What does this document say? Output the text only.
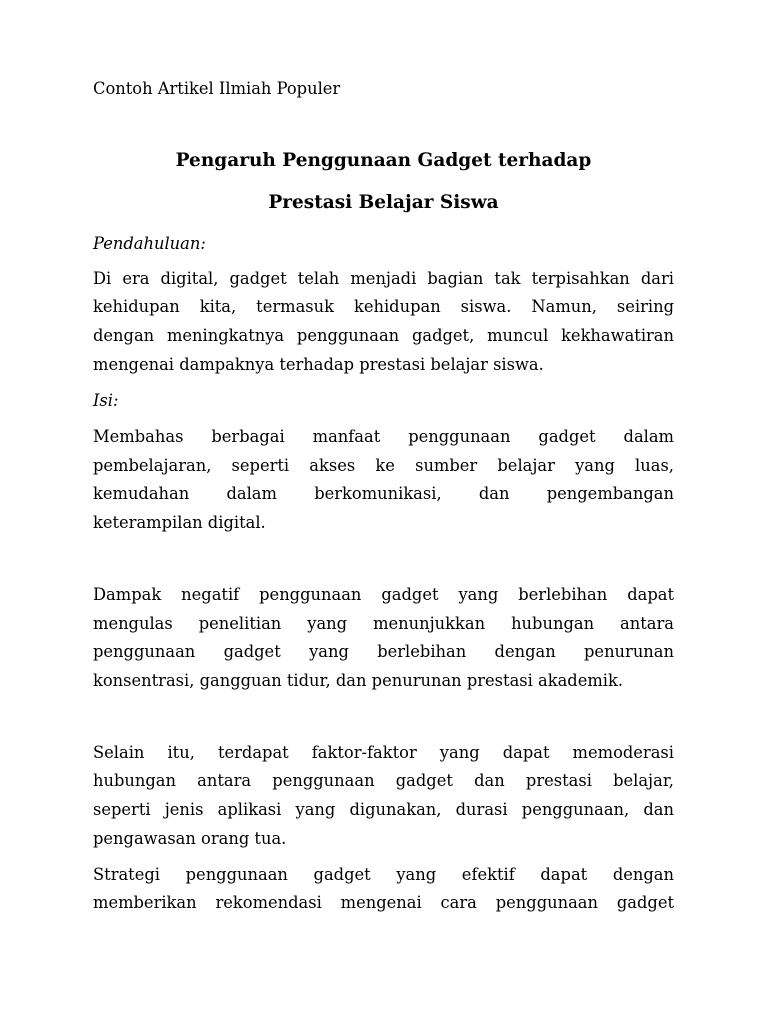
Contoh Artikel Ilmiah Populer
Pengaruh Penggunaan Gadget terhadap
Prestasi Belajar Siswa
Pendahuluan:
Di era digital, gadget telah menjadi bagian tak terpisahkan dari
kehidupan kita, termasuk kehidupan siswa. Namun, seiring
dengan meningkatnya penggunaan gadget, muncul kekhawatiran
mengenai dampaknya terhadap prestasi belajar siswa.
Isi:
Membahas berbagai manfaat penggunaan gadget dalam
pembelajaran, seperti akses ke sumber belajar yang luas,
kemudahan dalam berkomunikasi, dan pengembangan
keterampilan digital.
Dampak negatif penggunaan gadget yang berlebihan dapat
mengulas penelitian yang menunjukkan hubungan antara
penggunaan gadget yang berlebihan dengan penurunan
konsentrasi, gangguan tidur, dan penurunan prestasi akademik.
Selain itu, terdapat faktor-faktor yang dapat memoderasi
hubungan antara penggunaan gadget dan prestasi belajar,
seperti jenis aplikasi yang digunakan, durasi penggunaan, dan
pengawasan orang tua.
Strategi penggunaan gadget yang efektif dapat dengan
memberikan rekomendasi mengenai cara penggunaan gadget
